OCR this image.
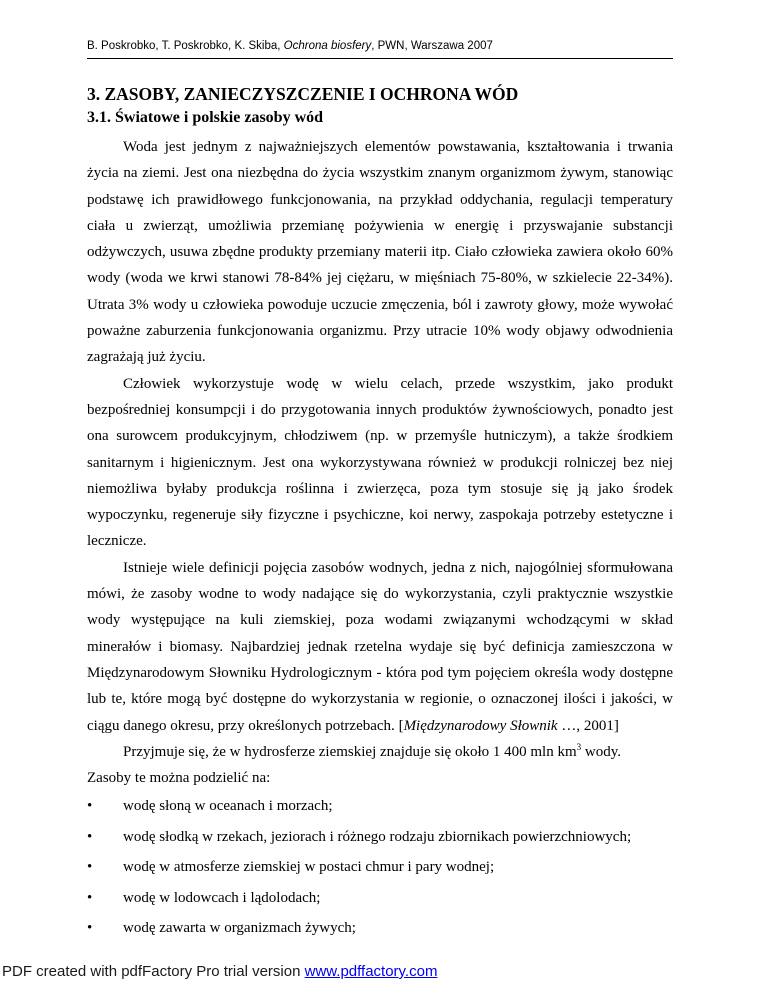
B. Poskrobko, T. Poskrobko, K. Skiba, Ochrona biosfery, PWN, Warszawa 2007
3. ZASOBY, ZANIECZYSZCZENIE I OCHRONA WÓD
3.1. Światowe i polskie zasoby wód

Woda jest jednym z najważniejszych elementów powstawania, kształtowania i trwania życia na ziemi. Jest ona niezbędna do życia wszystkim znanym organizmom żywym, stanowiąc podstawę ich prawidłowego funkcjonowania, na przykład oddychania, regulacji temperatury ciała u zwierząt, umożliwia przemianę pożywienia w energię i przyswajanie substancji odżywczych, usuwa zbędne produkty przemiany materii itp. Ciało człowieka zawiera około 60% wody (woda we krwi stanowi 78-84% jej ciężaru, w mięśniach 75-80%, w szkielecie 22-34%). Utrata 3% wody u człowieka powoduje uczucie zmęczenia, ból i zawroty głowy, może wywołać poważne zaburzenia funkcjonowania organizmu. Przy utracie 10% wody objawy odwodnienia zagrażają już życiu.

Człowiek wykorzystuje wodę w wielu celach, przede wszystkim, jako produkt bezpośredniej konsumpcji i do przygotowania innych produktów żywnościowych, ponadto jest ona surowcem produkcyjnym, chłodziwem (np. w przemyśle hutniczym), a także środkiem sanitarnym i higienicznym. Jest ona wykorzystywana również w produkcji rolniczej bez niej niemożliwa byłaby produkcja roślinna i zwierzęca, poza tym stosuje się ją jako środek wypoczynku, regeneruje siły fizyczne i psychiczne, koi nerwy, zaspokaja potrzeby estetyczne i lecznicze.

Istnieje wiele definicji pojęcia zasobów wodnych, jedna z nich, najogólniej sformułowana mówi, że zasoby wodne to wody nadające się do wykorzystania, czyli praktycznie wszystkie wody występujące na kuli ziemskiej, poza wodami związanymi wchodzącymi w skład minerałów i biomasy. Najbardziej jednak rzetelna wydaje się być definicja zamieszczona w Międzynarodowym Słowniku Hydrologicznym - która pod tym pojęciem określa wody dostępne lub te, które mogą być dostępne do wykorzystania w regionie, o oznaczonej ilości i jakości, w ciągu danego okresu, przy określonych potrzebach. [Międzynarodowy Słownik …, 2001]

Przyjmuje się, że w hydrosferze ziemskiej znajduje się około 1 400 mln $km^3$ wody.

Zasoby te można podzielić na:

• wodę słoną w oceanach i morzach;
• wodę słodką w rzekach, jeziorach i różnego rodzaju zbiornikach powierzchniowych;
• wodę w atmosferze ziemskiej w postaci chmur i pary wodnej;
• wodę w lodowcach i lądolodach;
• wodę zawarta w organizmach żywych;
PDF created with pdfFactory Pro trial version www.pdffactory.com
